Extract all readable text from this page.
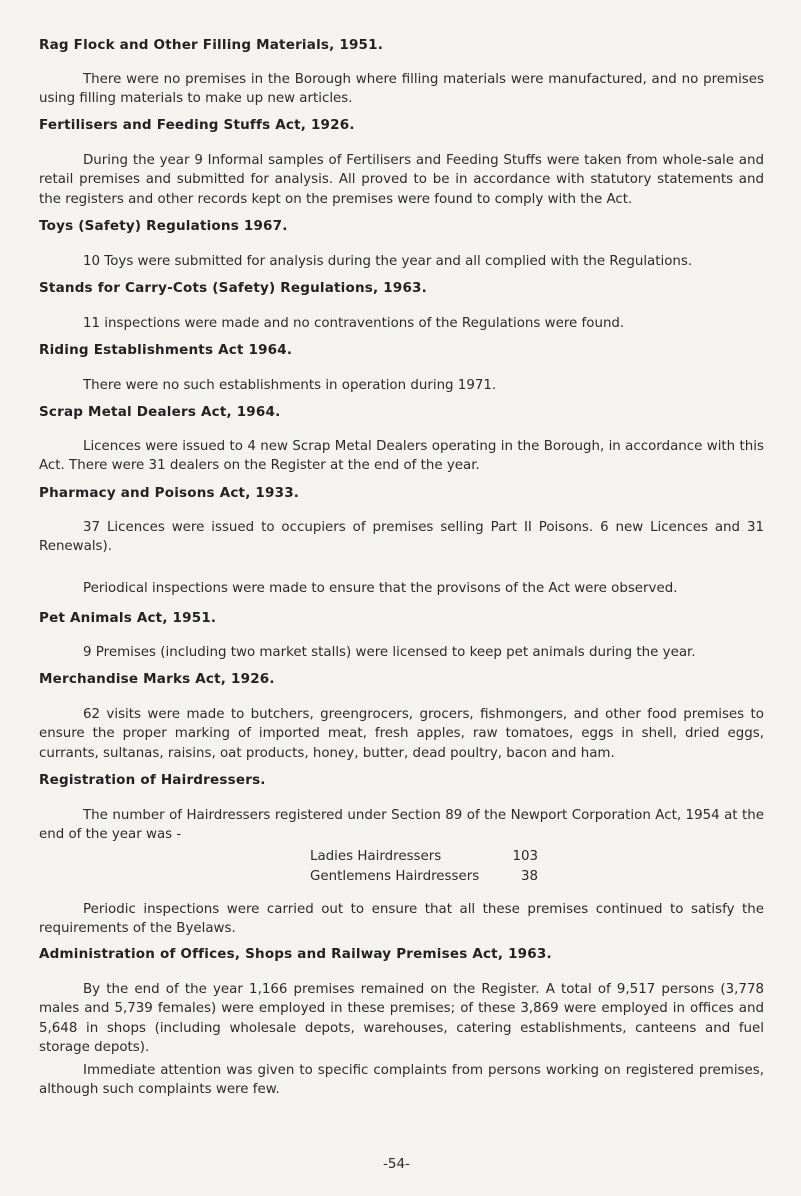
Rag Flock and Other Filling Materials, 1951.

There were no premises in the Borough where filling materials were manufactured, and no premises using filling materials to make up new articles.

Fertilisers and Feeding Stuffs Act, 1926.

During the year 9 Informal samples of Fertilisers and Feeding Stuffs were taken from whole-sale and retail premises and submitted for analysis. All proved to be in accordance with statutory statements and the registers and other records kept on the premises were found to comply with the Act.

Toys (Safety) Regulations 1967.

10 Toys were submitted for analysis during the year and all complied with the Regulations.

Stands for Carry-Cots (Safety) Regulations, 1963.

11 inspections were made and no contraventions of the Regulations were found.

Riding Establishments Act 1964.

There were no such establishments in operation during 1971.

Scrap Metal Dealers Act, 1964.

Licences were issued to 4 new Scrap Metal Dealers operating in the Borough, in accordance with this Act. There were 31 dealers on the Register at the end of the year.

Pharmacy and Poisons Act, 1933.

37 Licences were issued to occupiers of premises selling Part II Poisons. 6 new Licences and 31 Renewals).

Periodical inspections were made to ensure that the provisons of the Act were observed.

Pet Animals Act, 1951.

9 Premises (including two market stalls) were licensed to keep pet animals during the year.

Merchandise Marks Act, 1926.

62 visits were made to butchers, greengrocers, grocers, fishmongers, and other food premises to ensure the proper marking of imported meat, fresh apples, raw tomatoes, eggs in shell, dried eggs, currants, sultanas, raisins, oat products, honey, butter, dead poultry, bacon and ham.

Registration of Hairdressers.

The number of Hairdressers registered under Section 89 of the Newport Corporation Act, 1954 at the end of the year was -

Ladies Hairdressers	103
Gentlemens Hairdressers	38

Periodic inspections were carried out to ensure that all these premises continued to satisfy the requirements of the Byelaws.

Administration of Offices, Shops and Railway Premises Act, 1963.

By the end of the year 1,166 premises remained on the Register. A total of 9,517 persons (3,778 males and 5,739 females) were employed in these premises; of these 3,869 were employed in offices and 5,648 in shops (including wholesale depots, warehouses, catering establishments, canteens and fuel storage depots).

Immediate attention was given to specific complaints from persons working on registered premises, although such complaints were few.

-54-
